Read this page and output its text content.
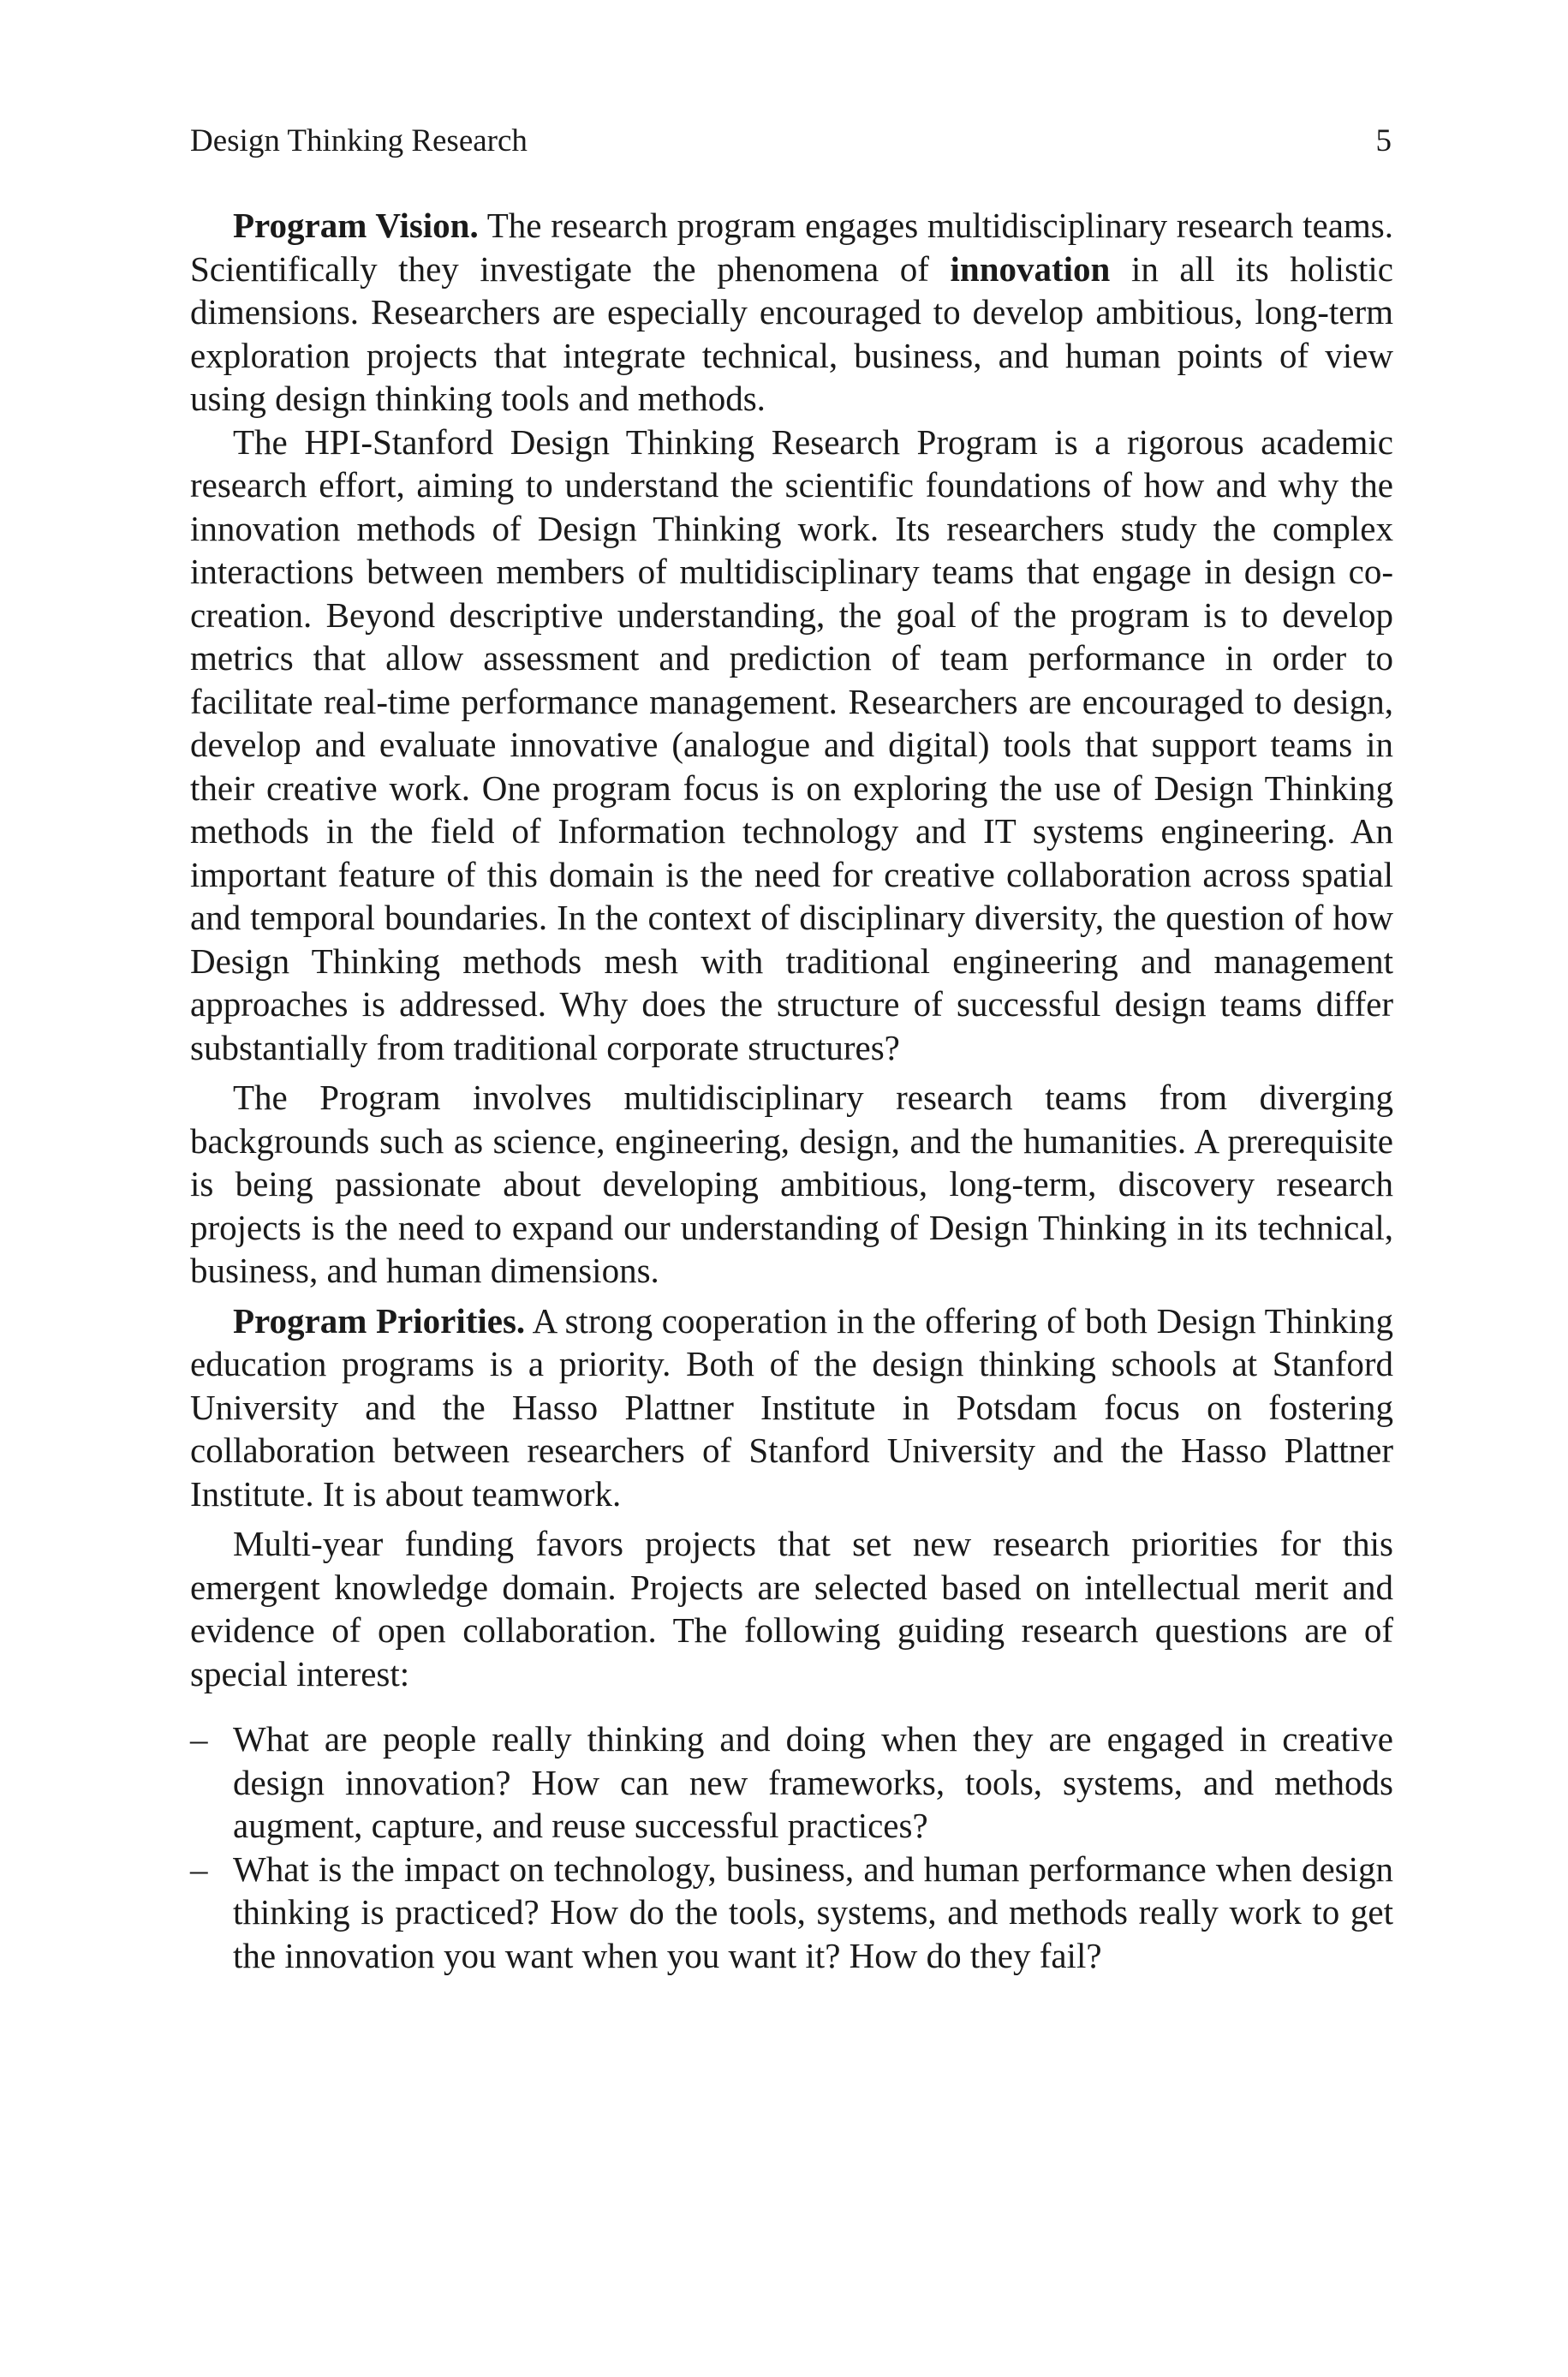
Design Thinking Research	5

Program Vision. The research program engages multidisciplinary research teams. Scientifically they investigate the phenomena of innovation in all its holistic dimensions. Researchers are especially encouraged to develop ambitious, long-term exploration projects that integrate technical, business, and human points of view using design thinking tools and methods.

The HPI-Stanford Design Thinking Research Program is a rigorous academic research effort, aiming to understand the scientific foundations of how and why the innovation methods of Design Thinking work. Its researchers study the complex interactions between members of multidisciplinary teams that engage in design co-creation. Beyond descriptive understanding, the goal of the program is to develop metrics that allow assessment and prediction of team performance in order to facilitate real-time performance management. Researchers are encouraged to design, develop and evaluate innovative (analogue and digital) tools that support teams in their creative work. One program focus is on exploring the use of Design Thinking methods in the field of Information technology and IT systems engineering. An important feature of this domain is the need for creative collaboration across spatial and temporal boundaries. In the context of disciplinary diversity, the question of how Design Thinking methods mesh with traditional engineering and management approaches is addressed. Why does the structure of successful design teams differ substantially from traditional corporate structures?

The Program involves multidisciplinary research teams from diverging backgrounds such as science, engineering, design, and the humanities. A prerequisite is being passionate about developing ambitious, long-term, discovery research projects is the need to expand our understanding of Design Thinking in its technical, business, and human dimensions.

Program Priorities. A strong cooperation in the offering of both Design Thinking education programs is a priority. Both of the design thinking schools at Stanford University and the Hasso Plattner Institute in Potsdam focus on fostering collaboration between researchers of Stanford University and the Hasso Plattner Institute. It is about teamwork.

Multi-year funding favors projects that set new research priorities for this emergent knowledge domain. Projects are selected based on intellectual merit and evidence of open collaboration. The following guiding research questions are of special interest:

– What are people really thinking and doing when they are engaged in creative design innovation? How can new frameworks, tools, systems, and methods augment, capture, and reuse successful practices?
– What is the impact on technology, business, and human performance when design thinking is practiced? How do the tools, systems, and methods really work to get the innovation you want when you want it? How do they fail?
